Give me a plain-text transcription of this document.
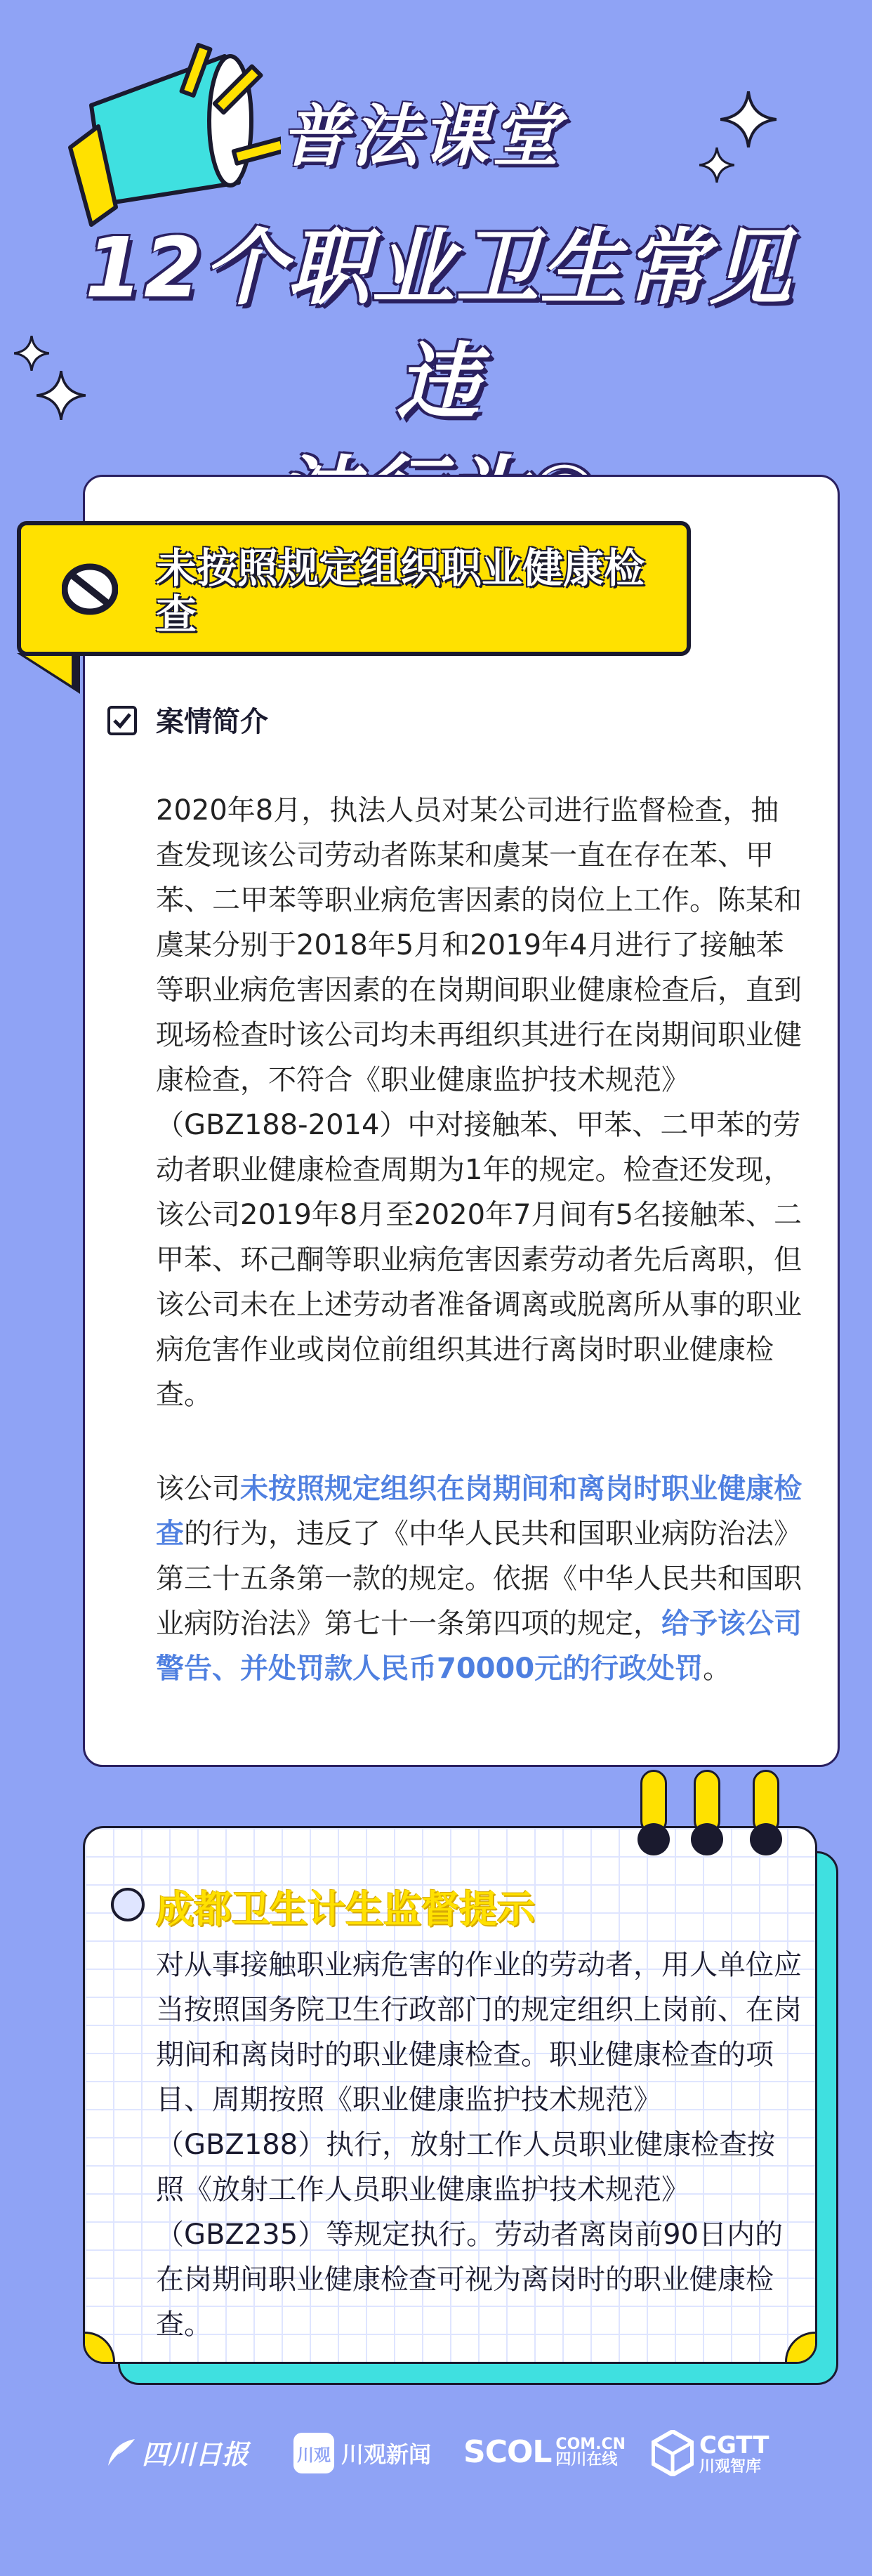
普法课堂
12个职业卫生常见违
未按照规定组织职业健康检查
案情简介

2020年8月，执法人员对某公司进行监督检查，抽查发现该公司劳动者陈某和虞某一直在存在苯、甲苯、二甲苯等职业病危害因素的岗位上工作。陈某和虞某分别于2018年5月和2019年4月进行了接触苯等职业病危害因素的在岗期间职业健康检查后，直到现场检查时该公司均未再组织其进行在岗期间职业健康检查，不符合《职业健康监护技术规范》（GBZ188-2014）中对接触苯、甲苯、二甲苯的劳动者职业健康检查周期为1年的规定。检查还发现，该公司2019年8月至2020年7月间有5名接触苯、二甲苯、环己酮等职业病危害因素劳动者先后离职，但该公司未在上述劳动者准备调离或脱离所从事的职业病危害作业或岗位前组织其进行离岗时职业健康检查。

该公司未按照规定组织在岗期间和离岗时职业健康检查的行为，违反了《中华人民共和国职业病防治法》第三十五条第一款的规定。依据《中华人民共和国职业病防治法》第七十一条第四项的规定，给予该公司警告、并处罚款人民币70000元的行政处罚。

成都卫生计生监督提示

对从事接触职业病危害的作业的劳动者，用人单位应当按照国务院卫生行政部门的规定组织上岗前、在岗期间和离岗时的职业健康检查。职业健康检查的项目、周期按照《职业健康监护技术规范》（GBZ188）执行，放射工作人员职业健康检查按照《放射工作人员职业健康监护技术规范》（GBZ235）等规定执行。劳动者离岗前90日内的在岗期间职业健康检查可视为离岗时的职业健康检查。

四川日报	川观 川观新闻 SCOL COM.CN
四川在线	CGTT
川观智库
